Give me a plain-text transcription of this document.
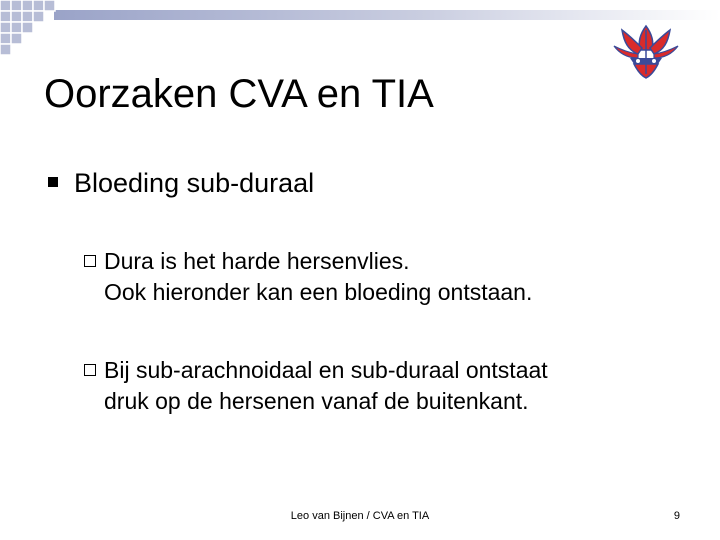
Oorzaken CVA en TIA
Bloeding sub-duraal
Dura is het harde hersenvlies.
Ook hieronder kan een bloeding ontstaan.
Bij sub-arachnoidaal en sub-duraal ontstaat
druk op de hersenen vanaf de buitenkant.
Leo van Bijnen / CVA en TIA	9
